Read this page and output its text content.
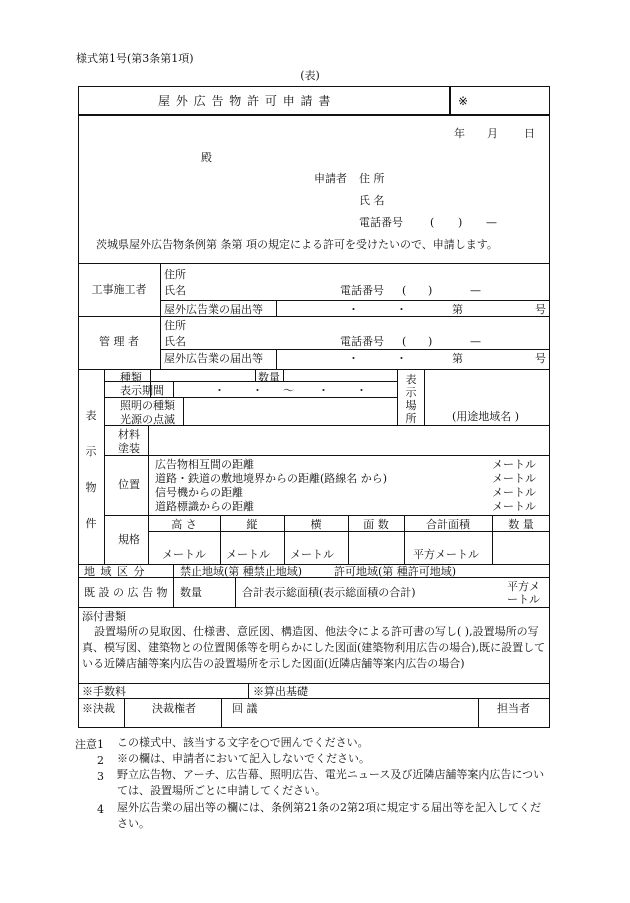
様式第1号(第3条第1項)
(表)
屋 外 広 告 物 許 可 申 請 書	※
年 月 日
殿
申請者 住 所
氏 名
電話番号 ( ) —
茨城県屋外広告物条例第 条第 項の規定による許可を受けたいので、申請します。
工事施工者
住所
氏名	電話番号 ( )	—
屋外広告業の届出等	・	・	第	号
管 理 者
住所
氏名	電話番号 ( )	—
屋外広告業の届出等	・	・	第	号
表
示
物
件
種類	数量
表示期間	・ ・ 〜 ・ ・
照明の種類
光源の点滅
表
示
場
所	(用途地域名 )
材料
塗装
位置
広告物相互間の距離	メートル
道路・鉄道の敷地境界からの距離(路線名 から)	メートル
信号機からの距離	メートル
道路標識からの距離	メートル
規格
高 さ	縦	横	面 数	合計面積	数 量
メートル メートル メートル	平方メートル
地 域 区 分	禁止地域(第 種禁止地域)	許可地域(第 種許可地域)
既 設 の 広 告 物 数量	合計表示総面積(表示総面積の合計)	平方メ
ートル
添付書類
設置場所の見取図、仕様書、意匠図、構造図、他法令による許可書の写し( ),設置場所の写真、模写図、建築物との位置関係等を明らかにした図面(建築物利用広告の場合),既に設置している近隣店舗等案内広告の設置場所を示した図面(近隣店舗等案内広告の場合)
※手数料	※算出基礎
※決裁	決裁権者	回 議	担当者
注意1 この様式中、該当する文字を○で囲んでください。
2 ※の欄は、申請者において記入しないでください。
3 野立広告物、アーチ、広告幕、照明広告、電光ニュース及び近隣店舗等案内広告については、設置場所ごとに申請してください。
4 屋外広告業の届出等の欄には、条例第21条の2第2項に規定する届出等を記入してください。
